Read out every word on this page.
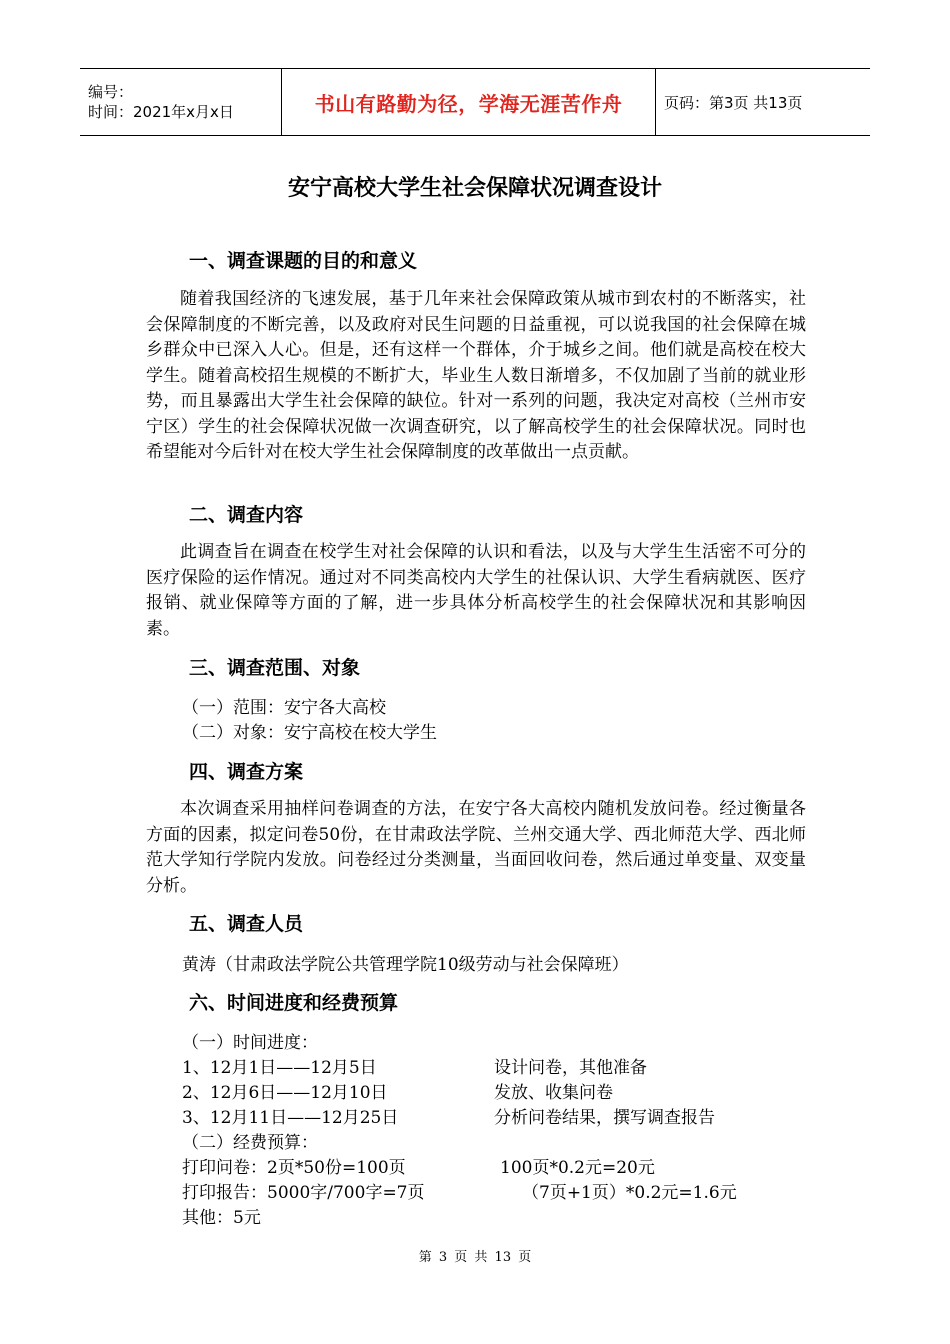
编号：
时间：2021年x月x日	书山有路勤为径，学海无涯苦作舟	页码：第3页 共13页
安宁高校大学生社会保障状况调查设计
一、调查课题的目的和意义
随着我国经济的飞速发展，基于几年来社会保障政策从城市到农村的不断落实，社会保障制度的不断完善，以及政府对民生问题的日益重视，可以说我国的社会保障在城乡群众中已深入人心。但是，还有这样一个群体，介于城乡之间。他们就是高校在校大学生。随着高校招生规模的不断扩大，毕业生人数日渐增多，不仅加剧了当前的就业形势，而且暴露出大学生社会保障的缺位。针对一系列的问题，我决定对高校（兰州市安宁区）学生的社会保障状况做一次调查研究，以了解高校学生的社会保障状况。同时也希望能对今后针对在校大学生社会保障制度的改革做出一点贡献。
二、调查内容
此调查旨在调查在校学生对社会保障的认识和看法，以及与大学生生活密不可分的医疗保险的运作情况。通过对不同类高校内大学生的社保认识、大学生看病就医、医疗报销、就业保障等方面的了解，进一步具体分析高校学生的社会保障状况和其影响因素。
三、调查范围、对象
（一）范围：安宁各大高校
（二）对象：安宁高校在校大学生
四、调查方案
本次调查采用抽样问卷调查的方法，在安宁各大高校内随机发放问卷。经过衡量各方面的因素，拟定问卷50份，在甘肃政法学院、兰州交通大学、西北师范大学、西北师范大学知行学院内发放。问卷经过分类测量，当面回收问卷，然后通过单变量、双变量分析。
五、调查人员
黄涛（甘肃政法学院公共管理学院10级劳动与社会保障班）
六、时间进度和经费预算
（一）时间进度：
1、12月1日——12月5日	设计问卷，其他准备
2、12月6日——12月10日	发放、收集问卷
3、12月11日——12月25日	分析问卷结果，撰写调查报告
（二）经费预算：
打印问卷：2页*50份=100页	100页*0.2元=20元
打印报告：5000字/700字=7页	（7页+1页）*0.2元=1.6元
其他：5元
第 3 页 共 13 页
